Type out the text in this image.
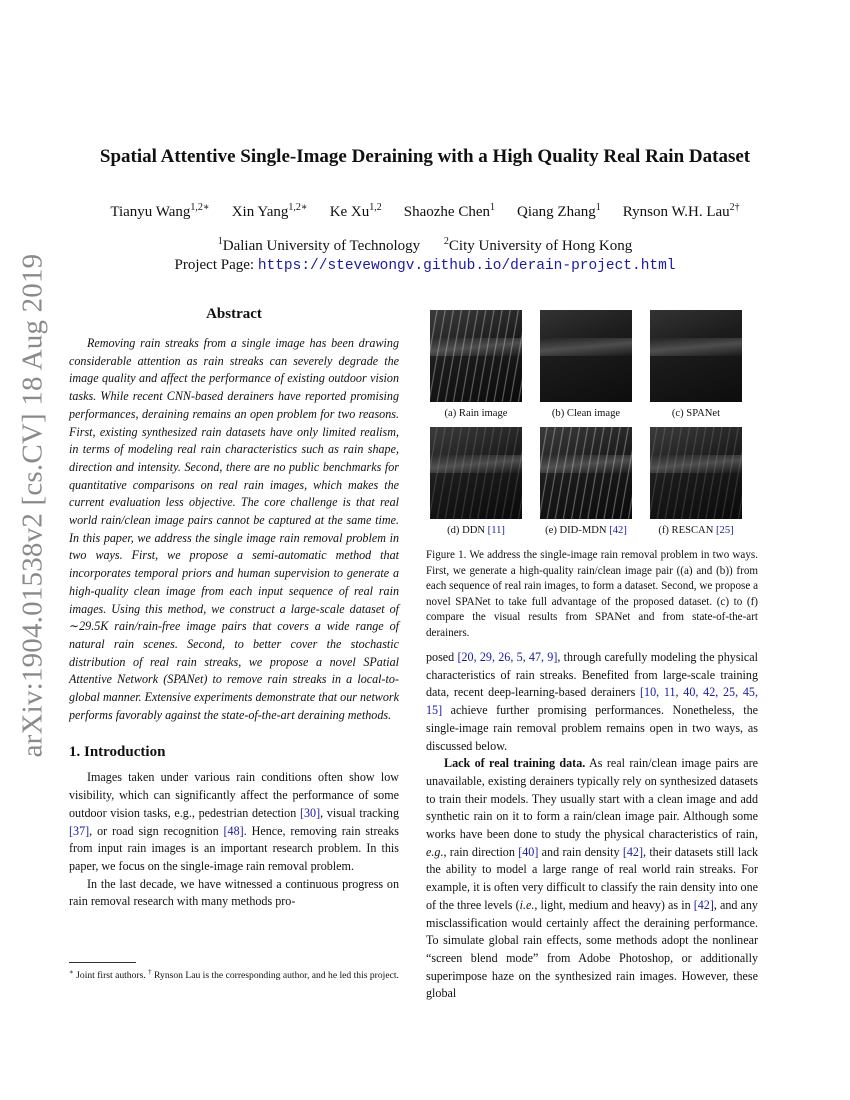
arXiv:1904.01538v2 [cs.CV] 18 Aug 2019
Spatial Attentive Single-Image Deraining with a High Quality Real Rain Dataset
Tianyu Wang$^{1,2∗}$ Xin Yang$^{1,2∗}$ Ke Xu$^{1,2}$ Shaozhe Chen$^1$ Qiang Zhang$^1$ Rynson W.H. Lau$^{2\dagger}$
$^1$Dalian University of Technology $^2$City University of Hong Kong
Project Page: https://stevewongv.github.io/derain-project.html
Abstract

Removing rain streaks from a single image has been drawing considerable attention as rain streaks can severely degrade the image quality and affect the performance of existing outdoor vision tasks. While recent CNN-based derainers have reported promising performances, deraining remains an open problem for two reasons. First, existing synthesized rain datasets have only limited realism, in terms of modeling real rain characteristics such as rain shape, direction and intensity. Second, there are no public benchmarks for quantitative comparisons on real rain images, which makes the current evaluation less objective. The core challenge is that real world rain/clean image pairs cannot be captured at the same time. In this paper, we address the single image rain removal problem in two ways. First, we propose a semi-automatic method that incorporates temporal priors and human supervision to generate a high-quality clean image from each input sequence of real rain images. Using this method, we construct a large-scale dataset of ∼29.5K rain/rain-free image pairs that covers a wide range of natural rain scenes. Second, to better cover the stochastic distribution of real rain streaks, we propose a novel SPatial Attentive Network (SPANet) to remove rain streaks in a local-to-global manner. Extensive experiments demonstrate that our network performs favorably against the state-of-the-art deraining methods.

1. Introduction

Images taken under various rain conditions often show low visibility, which can significantly affect the performance of some outdoor vision tasks, e.g., pedestrian detection [30], visual tracking [37], or road sign recognition [48]. Hence, removing rain streaks from input rain images is an important research problem. In this paper, we focus on the single-image rain removal problem.

In the last decade, we have witnessed a continuous progress on rain removal research with many methods pro-

∗ Joint first authors. † Rynson Lau is the corresponding author, and he led this project.
(a) Rain image	(b) Clean image	(c) SPANet
(d) DDN [11]	(e) DID-MDN [42]	(f) RESCAN [25]
Figure 1. We address the single-image rain removal problem in two ways. First, we generate a high-quality rain/clean image pair ((a) and (b)) from each sequence of real rain images, to form a dataset. Second, we propose a novel SPANet to take full advantage of the proposed dataset. (c) to (f) compare the visual results from SPANet and from state-of-the-art derainers.

posed [20, 29, 26, 5, 47, 9], through carefully modeling the physical characteristics of rain streaks. Benefited from large-scale training data, recent deep-learning-based derainers [10, 11, 40, 42, 25, 45, 15] achieve further promising performances. Nonetheless, the single-image rain removal problem remains open in two ways, as discussed below.

Lack of real training data. As real rain/clean image pairs are unavailable, existing derainers typically rely on synthesized datasets to train their models. They usually start with a clean image and add synthetic rain on it to form a rain/clean image pair. Although some works have been done to study the physical characteristics of rain, e.g., rain direction [40] and rain density [42], their datasets still lack the ability to model a large range of real world rain streaks. For example, it is often very difficult to classify the rain density into one of the three levels (i.e., light, medium and heavy) as in [42], and any misclassification would certainly affect the deraining performance. To simulate global rain effects, some methods adopt the nonlinear “screen blend mode” from Adobe Photoshop, or additionally superimpose haze on the synthesized rain images. However, these global
